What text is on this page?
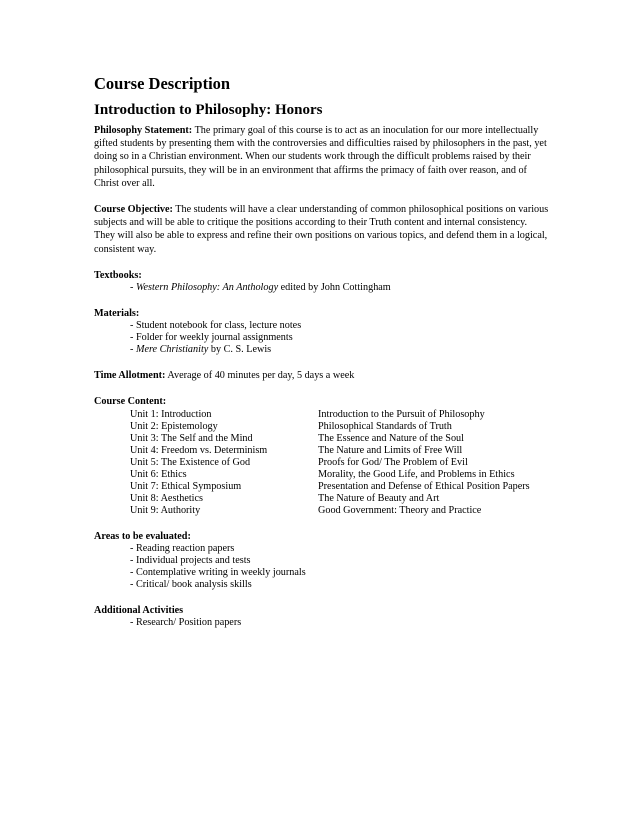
Course Description

Introduction to Philosophy: Honors

Philosophy Statement: The primary goal of this course is to act as an inoculation for our more intellectually gifted students by presenting them with the controversies and difficulties raised by philosophers in the past, yet doing so in a Christian environment. When our students work through the difficult problems raised by their philosophical pursuits, they will be in an environment that affirms the primacy of faith over reason, and of Christ over all.

Course Objective: The students will have a clear understanding of common philosophical positions on various subjects and will be able to critique the positions according to their Truth content and internal consistency. They will also be able to express and refine their own positions on various topics, and defend them in a logical, consistent way.

Textbooks:

- Western Philosophy: An Anthology edited by John Cottingham

Materials:

- Student notebook for class, lecture notes

- Folder for weekly journal assignments

- Mere Christianity by C. S. Lewis

Time Allotment: Average of 40 minutes per day, 5 days a week

Course Content:

Unit 1: Introduction	Introduction to the Pursuit of Philosophy
Unit 2: Epistemology	Philosophical Standards of Truth
Unit 3: The Self and the Mind	The Essence and Nature of the Soul
Unit 4: Freedom vs. Determinism	The Nature and Limits of Free Will
Unit 5: The Existence of God	Proofs for God/ The Problem of Evil
Unit 6: Ethics	Morality, the Good Life, and Problems in Ethics
Unit 7: Ethical Symposium	Presentation and Defense of Ethical Position Papers
Unit 8: Aesthetics	The Nature of Beauty and Art
Unit 9: Authority	Good Government: Theory and Practice

Areas to be evaluated:

- Reading reaction papers

- Individual projects and tests

- Contemplative writing in weekly journals

- Critical/ book analysis skills

Additional Activities

- Research/ Position papers
